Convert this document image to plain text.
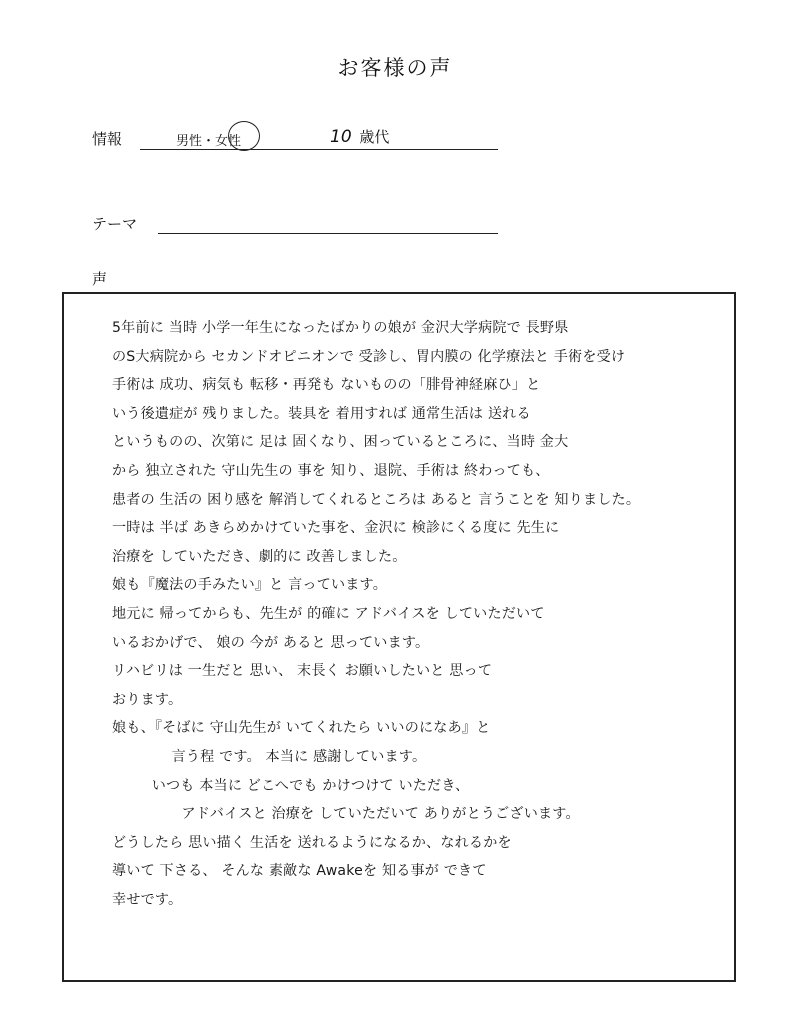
お客様の声
情報	男性・女性	10 歳代
テーマ
声
5年前に 当時 小学一年生になったばかりの娘が 金沢大学病院で 長野県
のS大病院から セカンドオピニオンで 受診し、胃内膜の 化学療法と 手術を受け
手術は 成功、病気も 転移・再発も ないものの「腓骨神経麻ひ」と
いう後遺症が 残りました。装具を 着用すれば 通常生活は 送れる
というものの、次第に 足は 固くなり、困っているところに、当時 金大
から 独立された 守山先生の 事を 知り、退院、手術は 終わっても、
患者の 生活の 困り感を 解消してくれるところは あると 言うことを 知りました。
一時は 半ば あきらめかけていた事を、金沢に 検診にくる度に 先生に
治療を していただき、劇的に 改善しました。
娘も『魔法の手みたい』と 言っています。
地元に 帰ってからも、先生が 的確に アドバイスを していただいて
いるおかげで、 娘の 今が あると 思っています。
リハビリは 一生だと 思い、 末長く お願いしたいと 思って
おります。
娘も、『そばに 守山先生が いてくれたら いいのになあ』と
言う程 です。 本当に 感謝しています。
いつも 本当に どこへでも かけつけて いただき、
アドバイスと 治療を していただいて ありがとうございます。
どうしたら 思い描く 生活を 送れるようになるか、なれるかを
導いて 下さる、 そんな 素敵な Awakeを 知る事が できて
幸せです。
